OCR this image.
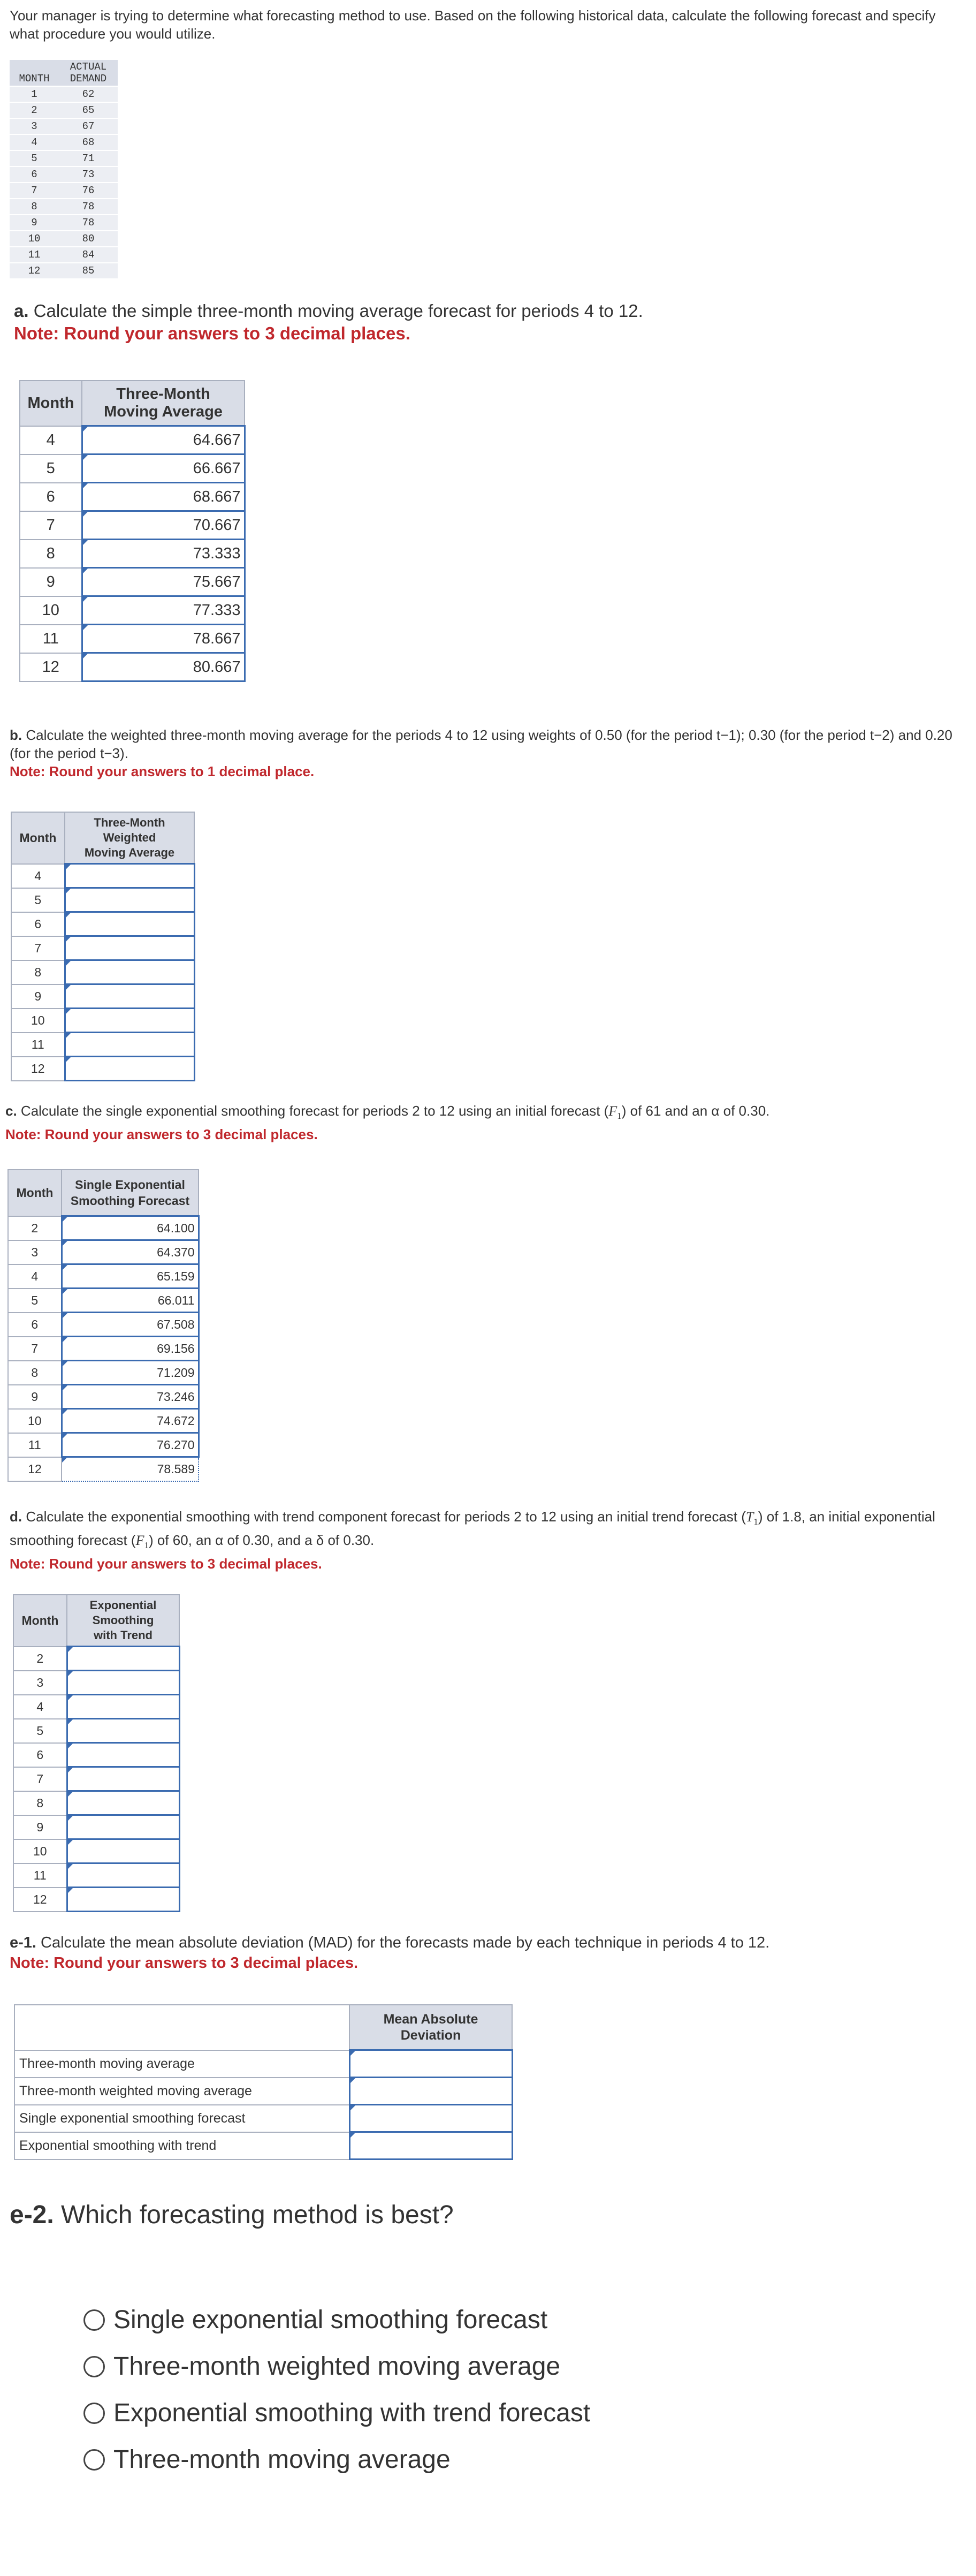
Your manager is trying to determine what forecasting method to use. Based on the following historical data, calculate the following forecast and specify what procedure you would utilize.
MONTH	ACTUAL
DEMAND

1	62
2	65
3	67
4	68
5	71
6	73
7	76
8	78
9	78
10	80
11	84
12	85
a. Calculate the simple three-month moving average forecast for periods 4 to 12.
Note: Round your answers to 3 decimal places.
Month	Three-Month
Moving Average

4	64.667
5	66.667
6	68.667
7	70.667
8	73.333
9	75.667
10	77.333
11	78.667
12	80.667
b. Calculate the weighted three-month moving average for the periods 4 to 12 using weights of 0.50 (for the period t−1); 0.30 (for the period t−2) and 0.20 (for the period t−3).
Note: Round your answers to 1 decimal place.
Month	Three-Month
Weighted
Moving Average

4	
5	
6	
7	
8	
9	
10	
11	
12	
c. Calculate the single exponential smoothing forecast for periods 2 to 12 using an initial forecast $(F_1)$ of 61 and an α of 0.30.
Note: Round your answers to 3 decimal places.
Month	Single Exponential
Smoothing Forecast

2	64.100
3	64.370
4	65.159
5	66.011
6	67.508
7	69.156
8	71.209
9	73.246
10	74.672
11	76.270
12	78.589
d. Calculate the exponential smoothing with trend component forecast for periods 2 to 12 using an initial trend forecast $(T_1)$ of 1.8, an initial exponential smoothing forecast $(F_1)$ of 60, an α of 0.30, and a δ of 0.30.
Note: Round your answers to 3 decimal places.
Month	Exponential
Smoothing
with Trend

2	
3	
4	
5	
6	
7	
8	
9	
10	
11	
12	
e-1. Calculate the mean absolute deviation (MAD) for the forecasts made by each technique in periods 4 to 12.
Note: Round your answers to 3 decimal places.

	Mean Absolute
Deviation

Three-month moving average	
Three-month weighted moving average	
Single exponential smoothing forecast	
Exponential smoothing with trend	
e-2. Which forecasting method is best?
Single exponential smoothing forecast
Three-month weighted moving average
Exponential smoothing with trend forecast
Three-month moving average
